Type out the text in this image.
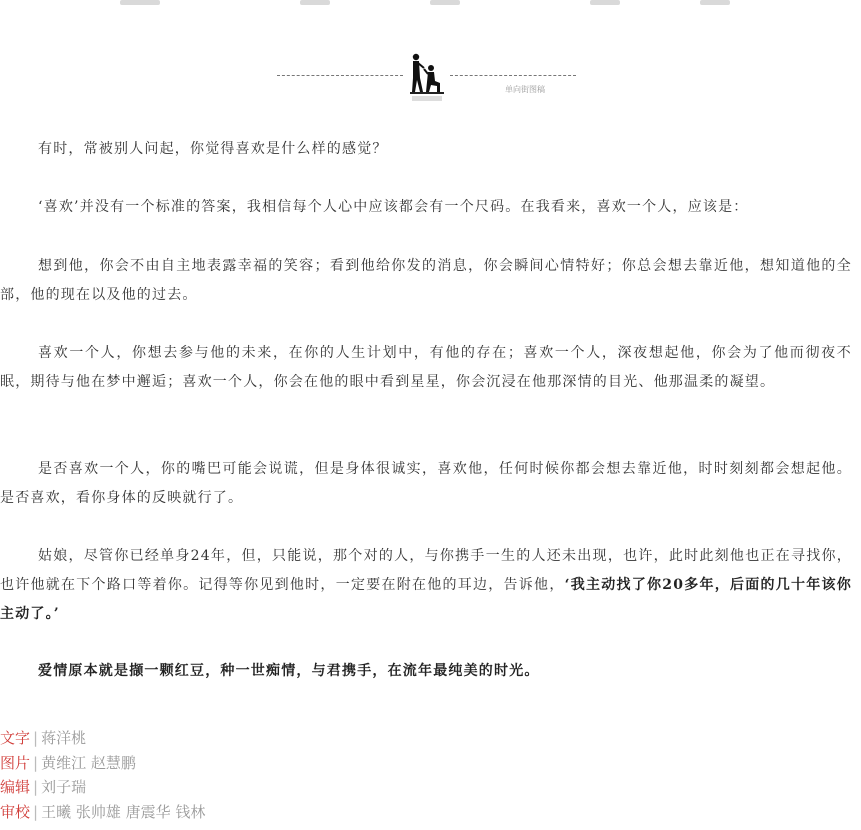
单向街图稿

有时，常被别人问起，你觉得喜欢是什么样的感觉？

‘喜欢’并没有一个标准的答案，我相信每个人心中应该都会有一个尺码。在我看来，喜欢一个人，应该是：

想到他，你会不由自主地表露幸福的笑容；看到他给你发的消息，你会瞬间心情特好；你总会想去靠近他，想知道他的全部，他的现在以及他的过去。

喜欢一个人，你想去参与他的未来，在你的人生计划中，有他的存在；喜欢一个人，深夜想起他，你会为了他而彻夜不眠，期待与他在梦中邂逅；喜欢一个人，你会在他的眼中看到星星，你会沉浸在他那深情的目光、他那温柔的凝望。

是否喜欢一个人，你的嘴巴可能会说谎，但是身体很诚实，喜欢他，任何时候你都会想去靠近他，时时刻刻都会想起他。是否喜欢，看你身体的反映就行了。

姑娘，尽管你已经单身24年，但，只能说，那个对的人，与你携手一生的人还未出现，也许，此时此刻他也正在寻找你，也许他就在下个路口等着你。记得等你见到他时，一定要在附在他的耳边，告诉他，‘我主动找了你20多年，后面的几十年该你主动了。’

爱情原本就是撷一颗红豆，种一世痴情，与君携手，在流年最纯美的时光。

文字 | 蒋洋桃
图片 | 黄维江 赵慧鹏
编辑 | 刘子瑞
审校 | 王曦 张帅雄 唐震华 钱林
